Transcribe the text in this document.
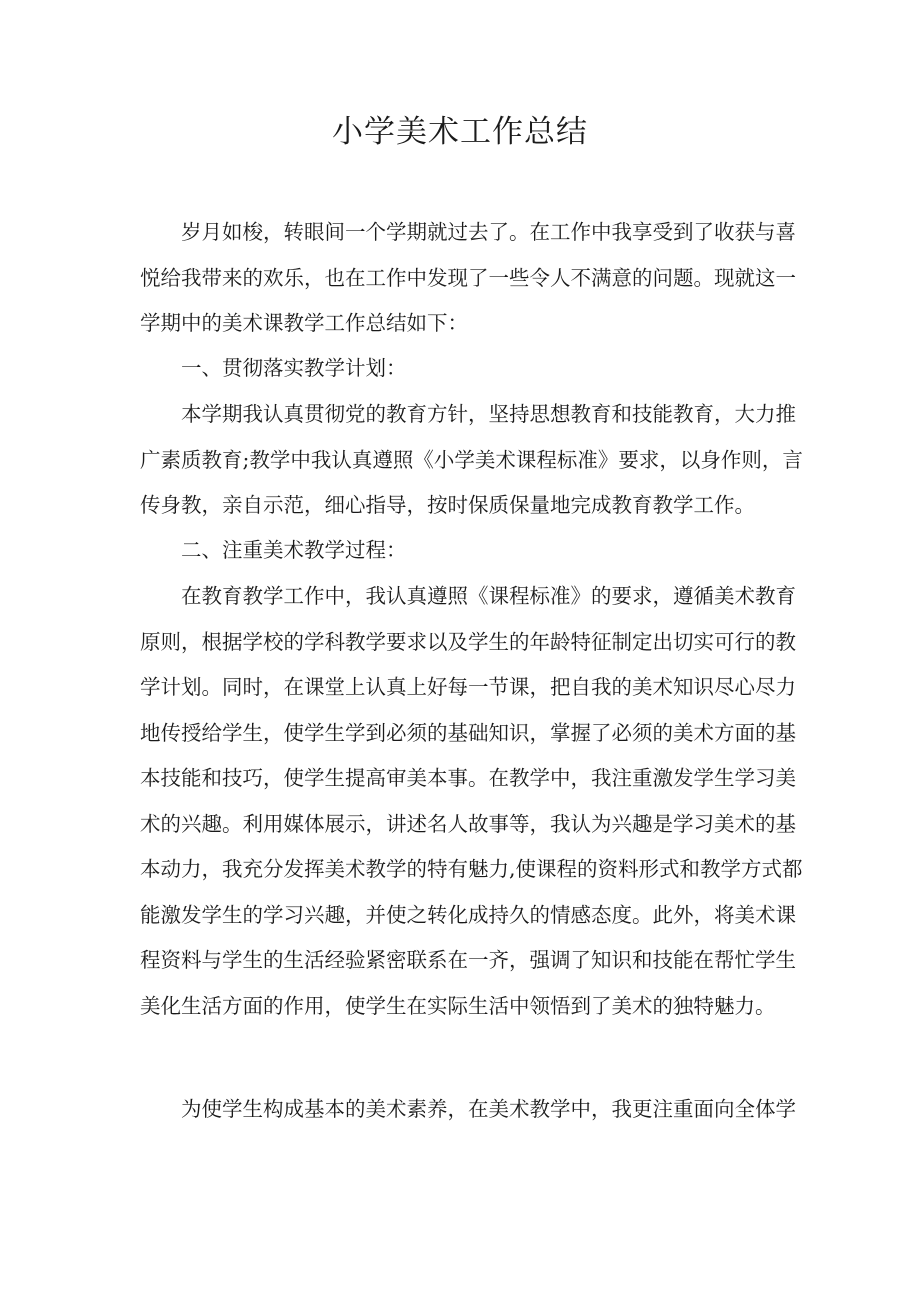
小学美术工作总结
岁月如梭，转眼间一个学期就过去了。在工作中我享受到了收获与喜
悦给我带来的欢乐，也在工作中发现了一些令人不满意的问题。现就这一
学期中的美术课教学工作总结如下：
一、贯彻落实教学计划：
本学期我认真贯彻党的教育方针，坚持思想教育和技能教育，大力推
广素质教育;教学中我认真遵照《小学美术课程标准》要求，以身作则，言
传身教，亲自示范，细心指导，按时保质保量地完成教育教学工作。
二、注重美术教学过程：
在教育教学工作中，我认真遵照《课程标准》的要求，遵循美术教育
原则，根据学校的学科教学要求以及学生的年龄特征制定出切实可行的教
学计划。同时，在课堂上认真上好每一节课，把自我的美术知识尽心尽力
地传授给学生，使学生学到必须的基础知识，掌握了必须的美术方面的基
本技能和技巧，使学生提高审美本事。在教学中，我注重激发学生学习美
术的兴趣。利用媒体展示，讲述名人故事等，我认为兴趣是学习美术的基
本动力，我充分发挥美术教学的特有魅力,使课程的资料形式和教学方式都
能激发学生的学习兴趣，并使之转化成持久的情感态度。此外，将美术课
程资料与学生的生活经验紧密联系在一齐，强调了知识和技能在帮忙学生
美化生活方面的作用，使学生在实际生活中领悟到了美术的独特魅力。
为使学生构成基本的美术素养，在美术教学中，我更注重面向全体学
